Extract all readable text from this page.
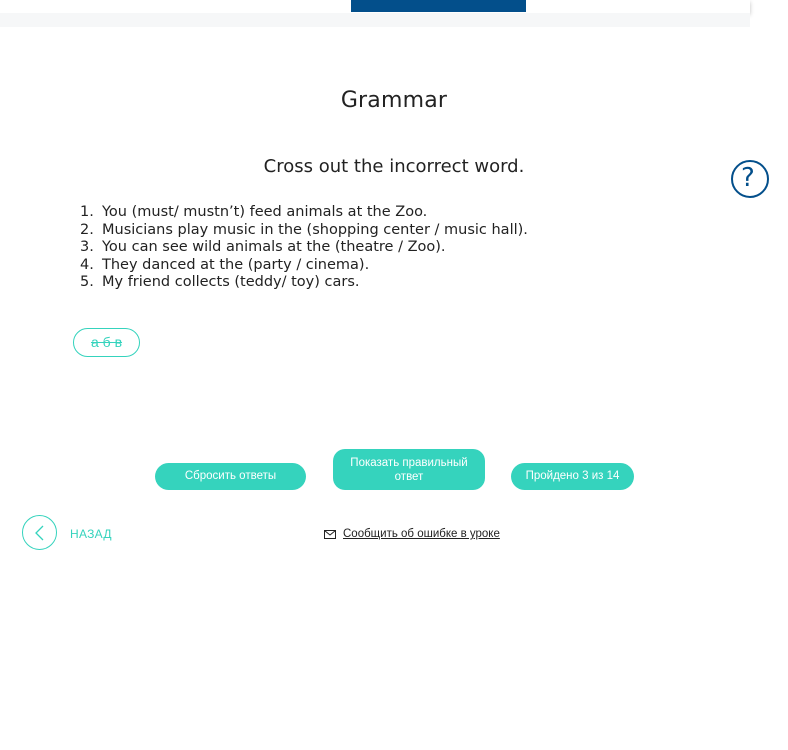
Grammar
Cross out the incorrect word.	?
1. You (must/ mustn’t) feed animals at the Zoo.
2. Musicians play music in the (shopping center / music hall).
3. You can see wild animals at the (theatre / Zoo).
4. They danced at the (party / cinema).
5. My friend collects (teddy/ toy) cars.
а б в
Сбросить ответы
Показать правильный ответ	Пройдено 3 из 14
НАЗАД	Сообщить об ошибке в уроке
